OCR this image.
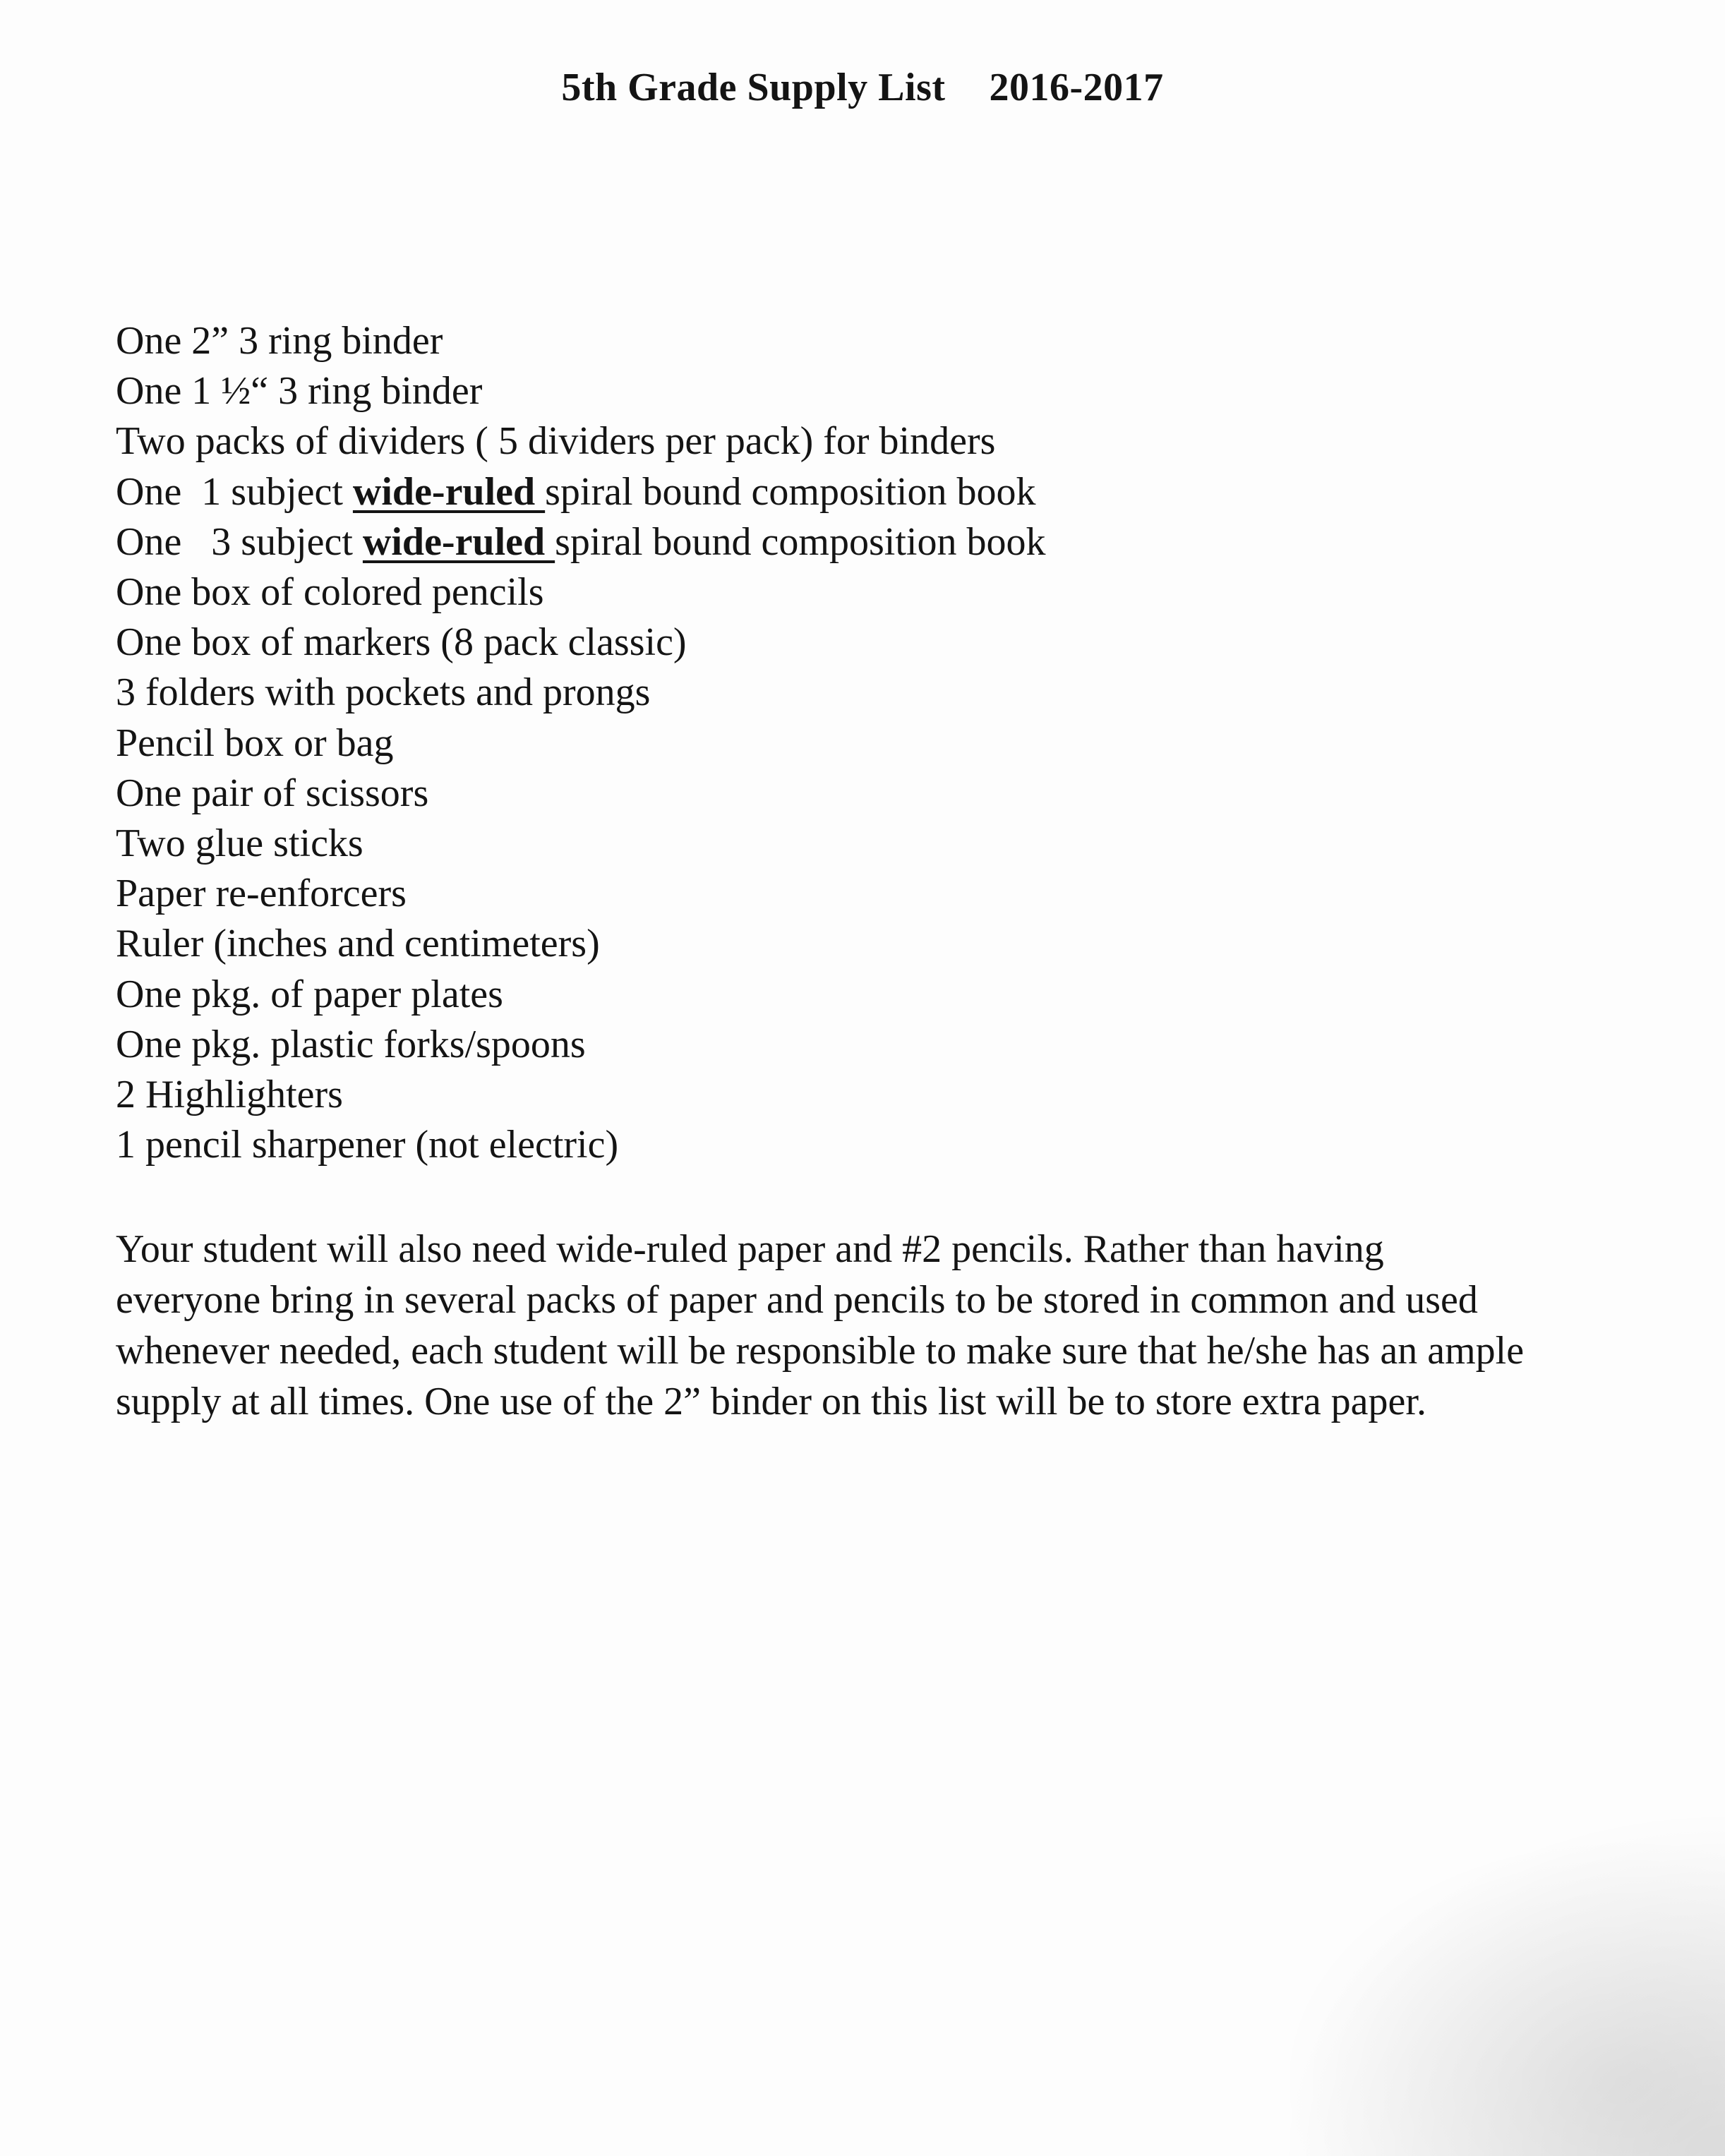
5th Grade Supply List 2016-2017
One 2” 3 ring binder
One 1 ½“ 3 ring binder
Two packs of dividers ( 5 dividers per pack) for binders
One  1 subject wide-ruled spiral bound composition book
One   3 subject wide-ruled spiral bound composition book
One box of colored pencils
One box of markers (8 pack classic)
3 folders with pockets and prongs
Pencil box or bag
One pair of scissors
Two glue sticks
Paper re-enforcers
Ruler (inches and centimeters)
One pkg. of paper plates
One pkg. plastic forks/spoons
2 Highlighters
1 pencil sharpener (not electric)
Your student will also need wide-ruled paper and #2 pencils. Rather than having
everyone bring in several packs of paper and pencils to be stored in common and used
whenever needed, each student will be responsible to make sure that he/she has an ample
supply at all times. One use of the 2” binder on this list will be to store extra paper.
